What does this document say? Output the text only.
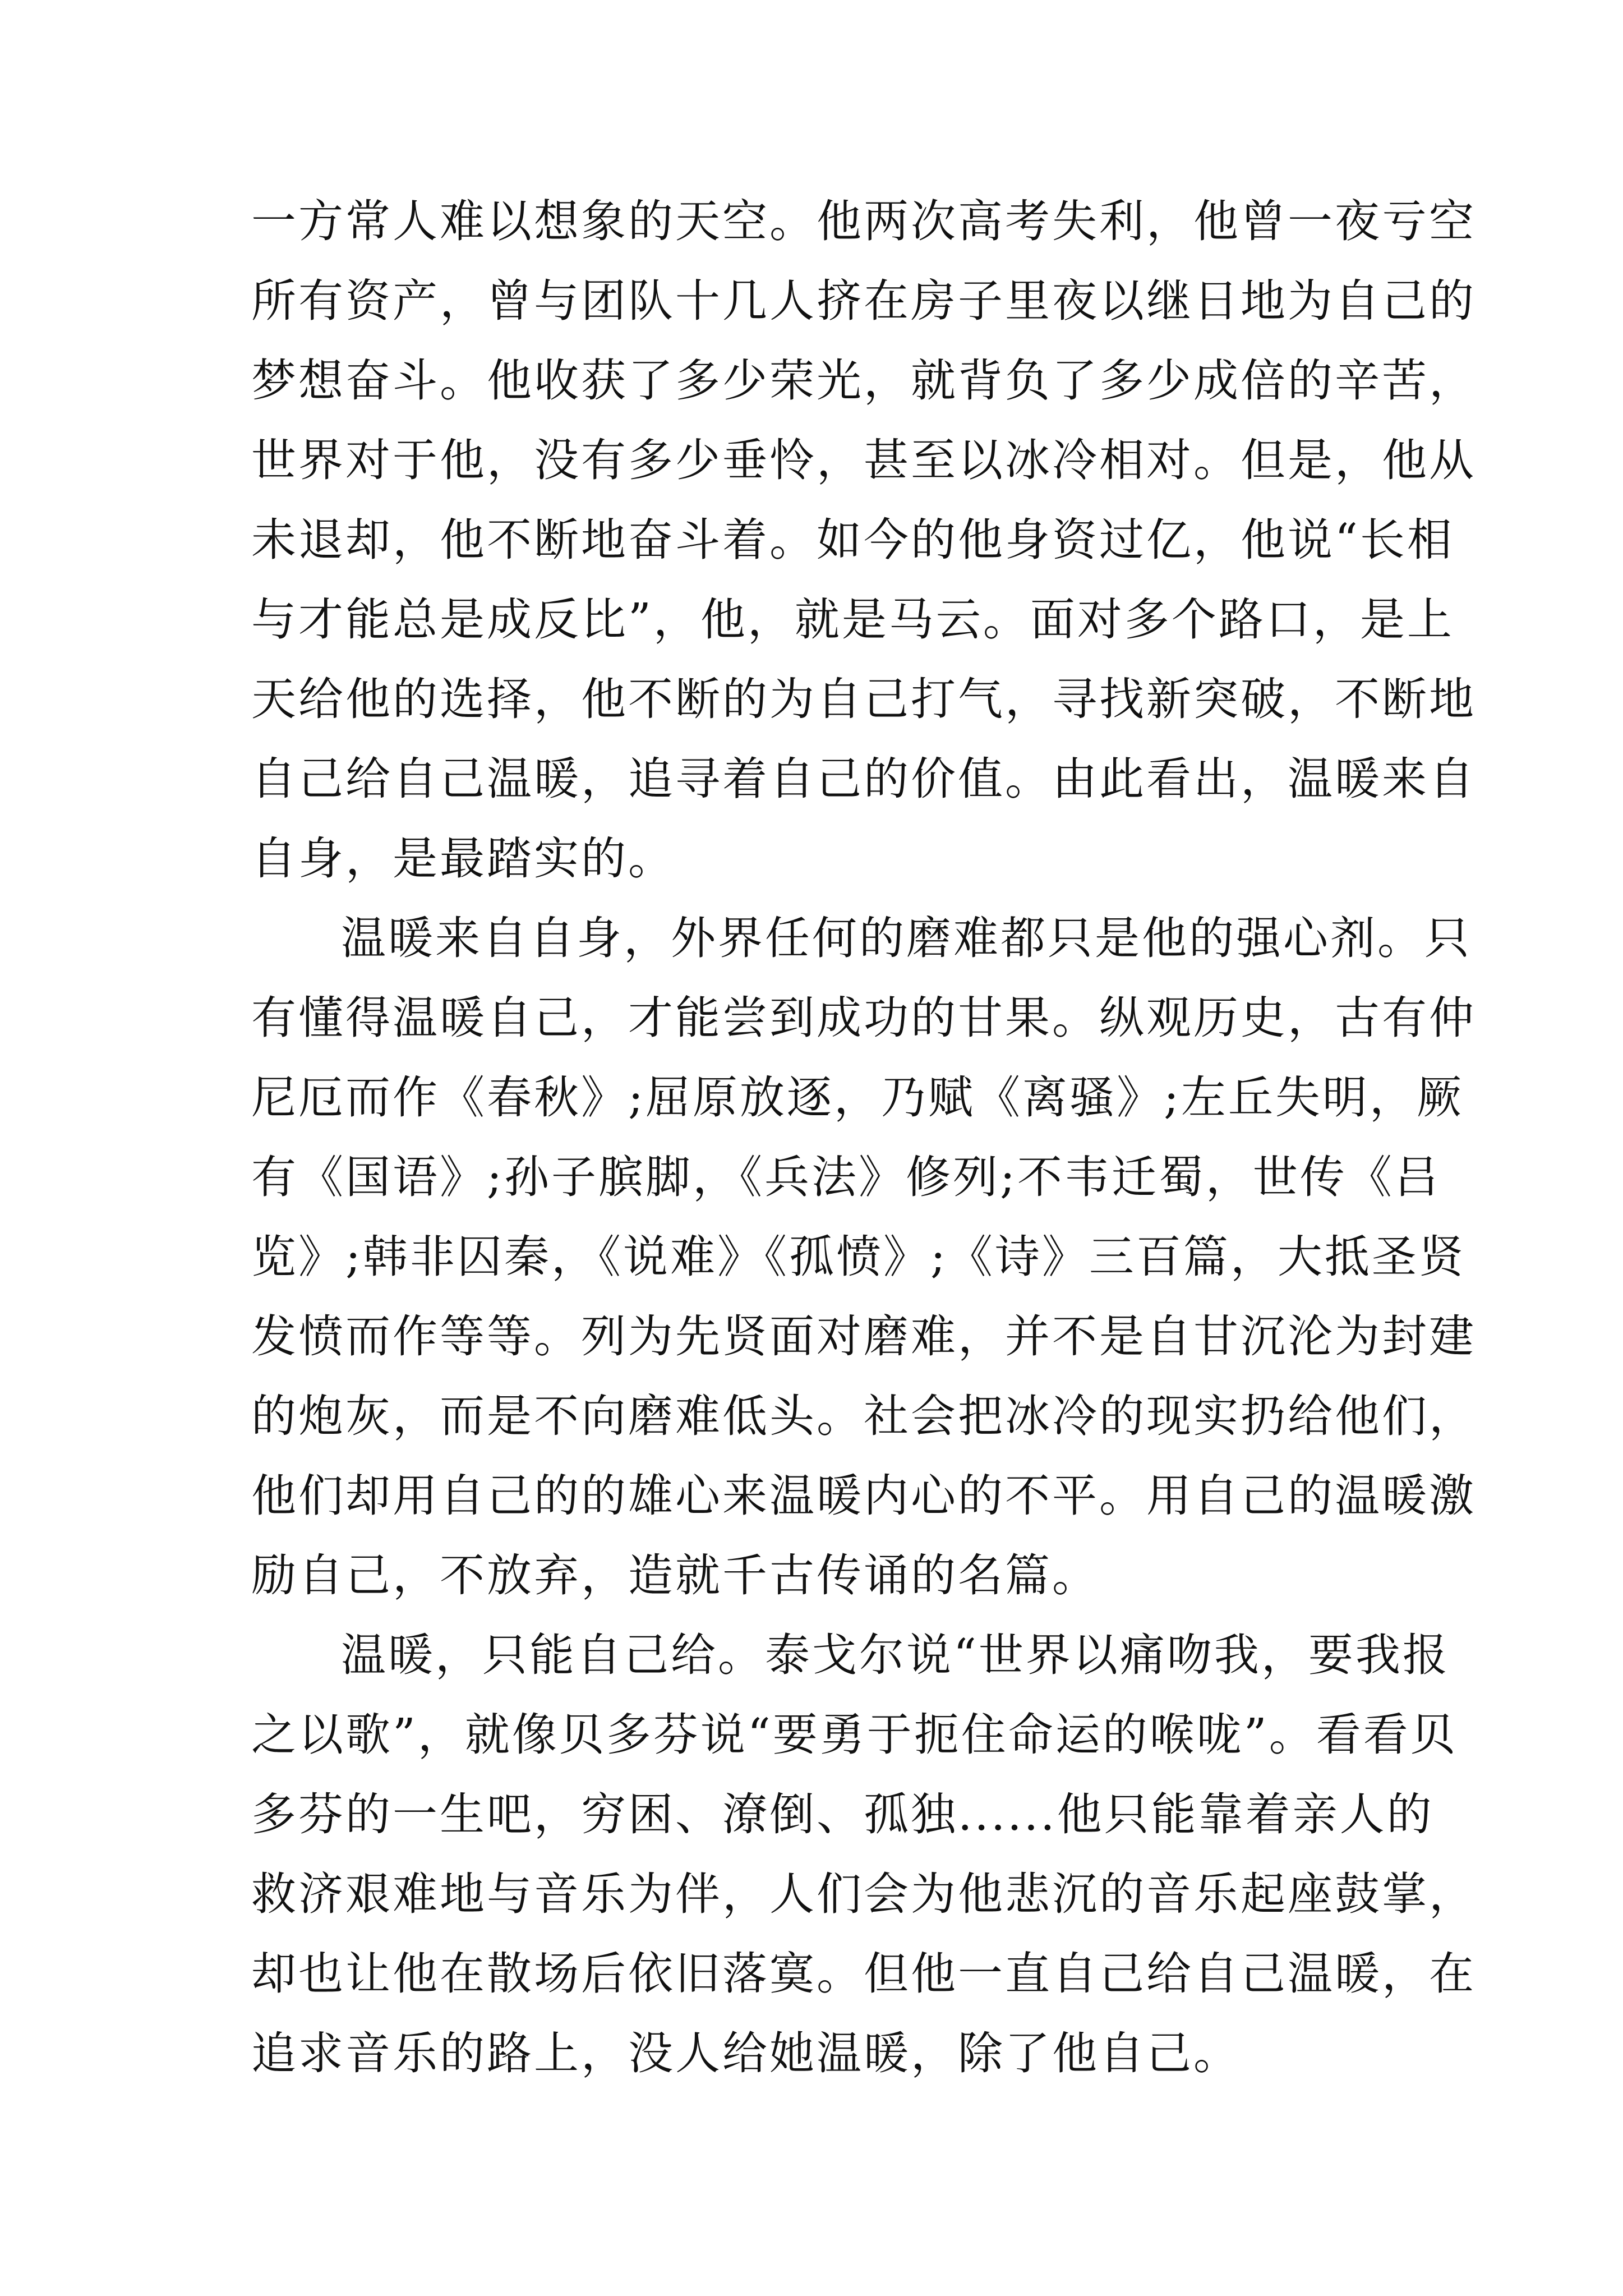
一方常人难以想象的天空。他两次高考失利，他曾一夜亏空
所有资产，曾与团队十几人挤在房子里夜以继日地为自己的
梦想奋斗。他收获了多少荣光，就背负了多少成倍的辛苦，
世界对于他，没有多少垂怜，甚至以冰冷相对。但是，他从
未退却，他不断地奋斗着。如今的他身资过亿，他说“长相
与才能总是成反比”，他，就是马云。面对多个路口，是上
天给他的选择，他不断的为自己打气，寻找新突破，不断地
自己给自己温暖，追寻着自己的价值。由此看出，温暖来自
自身，是最踏实的。
温暖来自自身，外界任何的磨难都只是他的强心剂。只
有懂得温暖自己，才能尝到成功的甘果。纵观历史，古有仲
尼厄而作《春秋》;屈原放逐，乃赋《离骚》;左丘失明，厥
有《国语》;孙子膑脚，《兵法》修列;不韦迁蜀，世传《吕
览》;韩非囚秦，《说难》《孤愤》;《诗》三百篇，大抵圣贤
发愤而作等等。列为先贤面对磨难，并不是自甘沉沦为封建
的炮灰，而是不向磨难低头。社会把冰冷的现实扔给他们，
他们却用自己的的雄心来温暖内心的不平。用自己的温暖激
励自己，不放弃，造就千古传诵的名篇。
温暖，只能自己给。泰戈尔说“世界以痛吻我，要我报
之以歌”，就像贝多芬说“要勇于扼住命运的喉咙”。看看贝
多芬的一生吧，穷困、潦倒、孤独......他只能靠着亲人的
救济艰难地与音乐为伴，人们会为他悲沉的音乐起座鼓掌，
却也让他在散场后依旧落寞。但他一直自己给自己温暖，在
追求音乐的路上，没人给她温暖，除了他自己。
